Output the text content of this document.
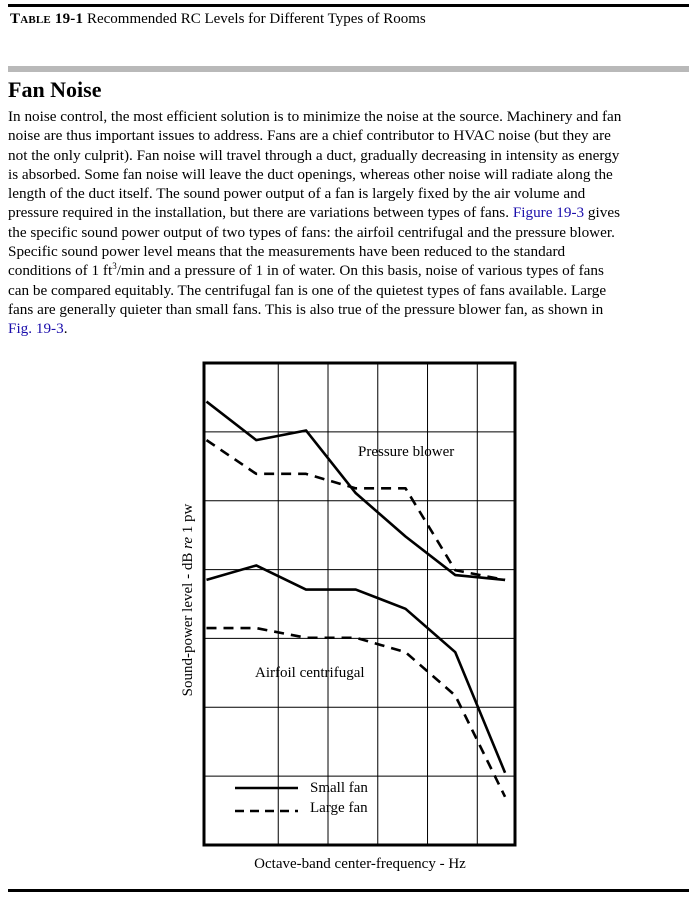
Table 19-1 Recommended RC Levels for Different Types of Rooms
Fan Noise
In noise control, the most efficient solution is to minimize the noise at the source. Machinery and fan
noise are thus important issues to address. Fans are a chief contributor to HVAC noise (but they are
not the only culprit). Fan noise will travel through a duct, gradually decreasing in intensity as energy
is absorbed. Some fan noise will leave the duct openings, whereas other noise will radiate along the
length of the duct itself. The sound power output of a fan is largely fixed by the air volume and
pressure required in the installation, but there are variations between types of fans. Figure 19-3 gives
the specific sound power output of two types of fans: the airfoil centrifugal and the pressure blower.
Specific sound power level means that the measurements have been reduced to the standard
conditions of 1 $ft^3/\min$ and a pressure of 1 in of water. On this basis, noise of various types of fans
can be compared equitably. The centrifugal fan is one of the quietest types of fans available. Large
fans are generally quieter than small fans. This is also true of the pressure blower fan, as shown in
Fig. 19-3.
Pressure blower
Airfoil centrifugal
Small fan
Large fan
Sound-power level - dB re 1 pw
Octave-band center-frequency - Hz
